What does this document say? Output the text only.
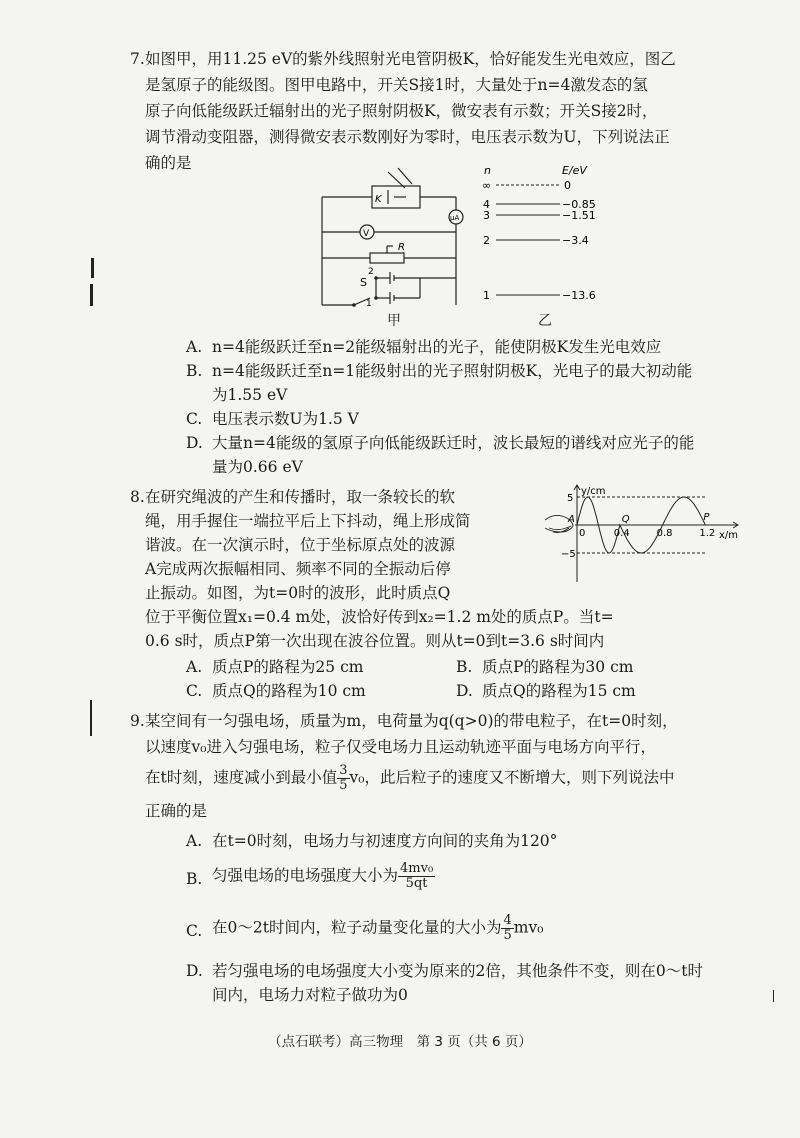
7. 如图甲，用11.25 eV的紫外线照射光电管阴极K，恰好能发生光电效应，图乙
是氢原子的能级图。图甲电路中，开关S接1时，大量处于n=4激发态的氢
原子向低能级跃迁辐射出的光子照射阴极K，微安表有示数；开关S接2时，
调节滑动变阻器，测得微安表示数刚好为零时，电压表示数为U，下列说法正
确的是
K
V
μA
R
S
2
1
甲
n	E/eV
∞	0
4	−0.85
3	−1.51
2	−3.4
1	−13.6
乙
A. n=4能级跃迁至n=2能级辐射出的光子，能使阴极K发生光电效应
B. n=4能级跃迁至n=1能级射出的光子照射阴极K，光电子的最大初动能
为1.55 eV
C. 电压表示数U为1.5 V
D. 大量n=4能级的氢原子向低能级跃迁时，波长最短的谱线对应光子的能
量为0.66 eV
8. 在研究绳波的产生和传播时，取一条较长的软
绳，用手握住一端拉平后上下抖动，绳上形成简
谐波。在一次演示时，位于坐标原点处的波源
A完成两次振幅相同、频率不同的全振动后停
止振动。如图，为t=0时的波形，此时质点Q
位于平衡位置x₁=0.4 m处，波恰好传到x₂=1.2 m处的质点P。当t=
0.6 s时，质点P第一次出现在波谷位置。则从t=0到t=3.6 s时间内
y/cm
x/m
5
−5
0	0.4	0.8	1.2
A	Q	P
A. 质点P的路程为25 cm	B. 质点P的路程为30 cm
C. 质点Q的路程为10 cm	D. 质点Q的路程为15 cm
9. 某空间有一匀强电场，质量为m，电荷量为q(q>0)的带电粒子，在t=0时刻，
以速度v₀进入匀强电场，粒子仅受电场力且运动轨迹平面与电场方向平行，
在t时刻，速度减小到最小值 $\frac{3}{5} v_0$，此后粒子的速度又不断增大，则下列说法中
正确的是
A. 在t=0时刻，电场力与初速度方向间的夹角为120°
B. 匀强电场的电场强度大小为 $\frac{\text{4mv₀}}{5qt}$
C. 在0～2t时间内，粒子动量变化量的大小为 $\frac{4}{5} mv_0$
D. 若匀强电场的电场强度大小变为原来的2倍，其他条件不变，则在0～t时
间内，电场力对粒子做功为0
（点石联考）高三物理　第 3 页（共 6 页）
